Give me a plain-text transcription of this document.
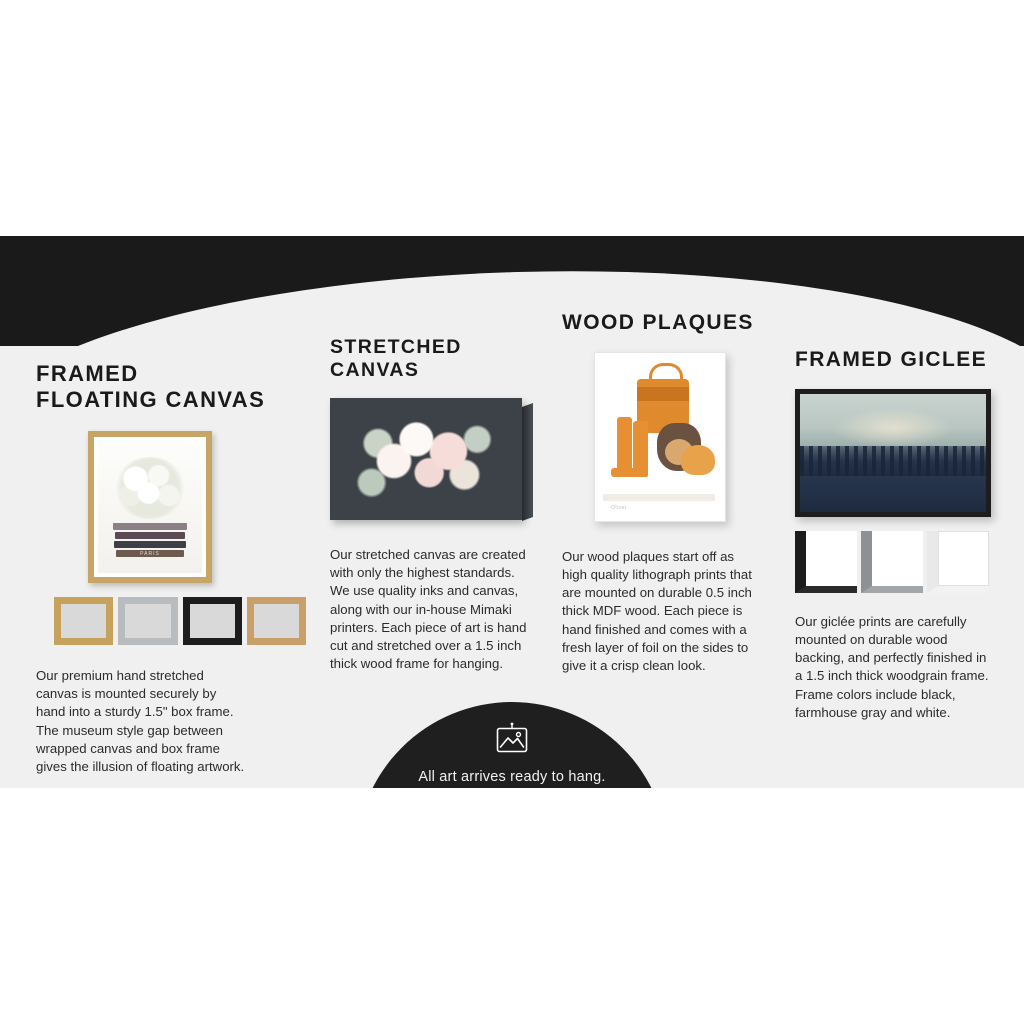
FRAMED
FLOATING CANVAS
PARIS
Our premium hand stretched canvas is mounted securely by hand into a sturdy 1.5" box frame. The museum style gap between wrapped canvas and box frame gives the illusion of floating artwork.
STRETCHED
CANVAS
Our stretched canvas are created with only the highest standards. We use quality inks and canvas, along with our in-house Mimaki printers. Each piece of art is hand cut and stretched over a 1.5 inch thick wood frame for hanging.
WOOD PLAQUES
Oliver
Our wood plaques start off as high quality lithograph prints that are mounted on durable 0.5 inch thick MDF wood. Each piece is hand finished and comes with a fresh layer of foil on the sides to give it a crisp clean look.
FRAMED GICLEE
Our giclée prints are carefully mounted on durable wood backing, and perfectly finished in a 1.5 inch thick woodgrain frame. Frame colors include black, farmhouse gray and white.
All art arrives ready to hang.
